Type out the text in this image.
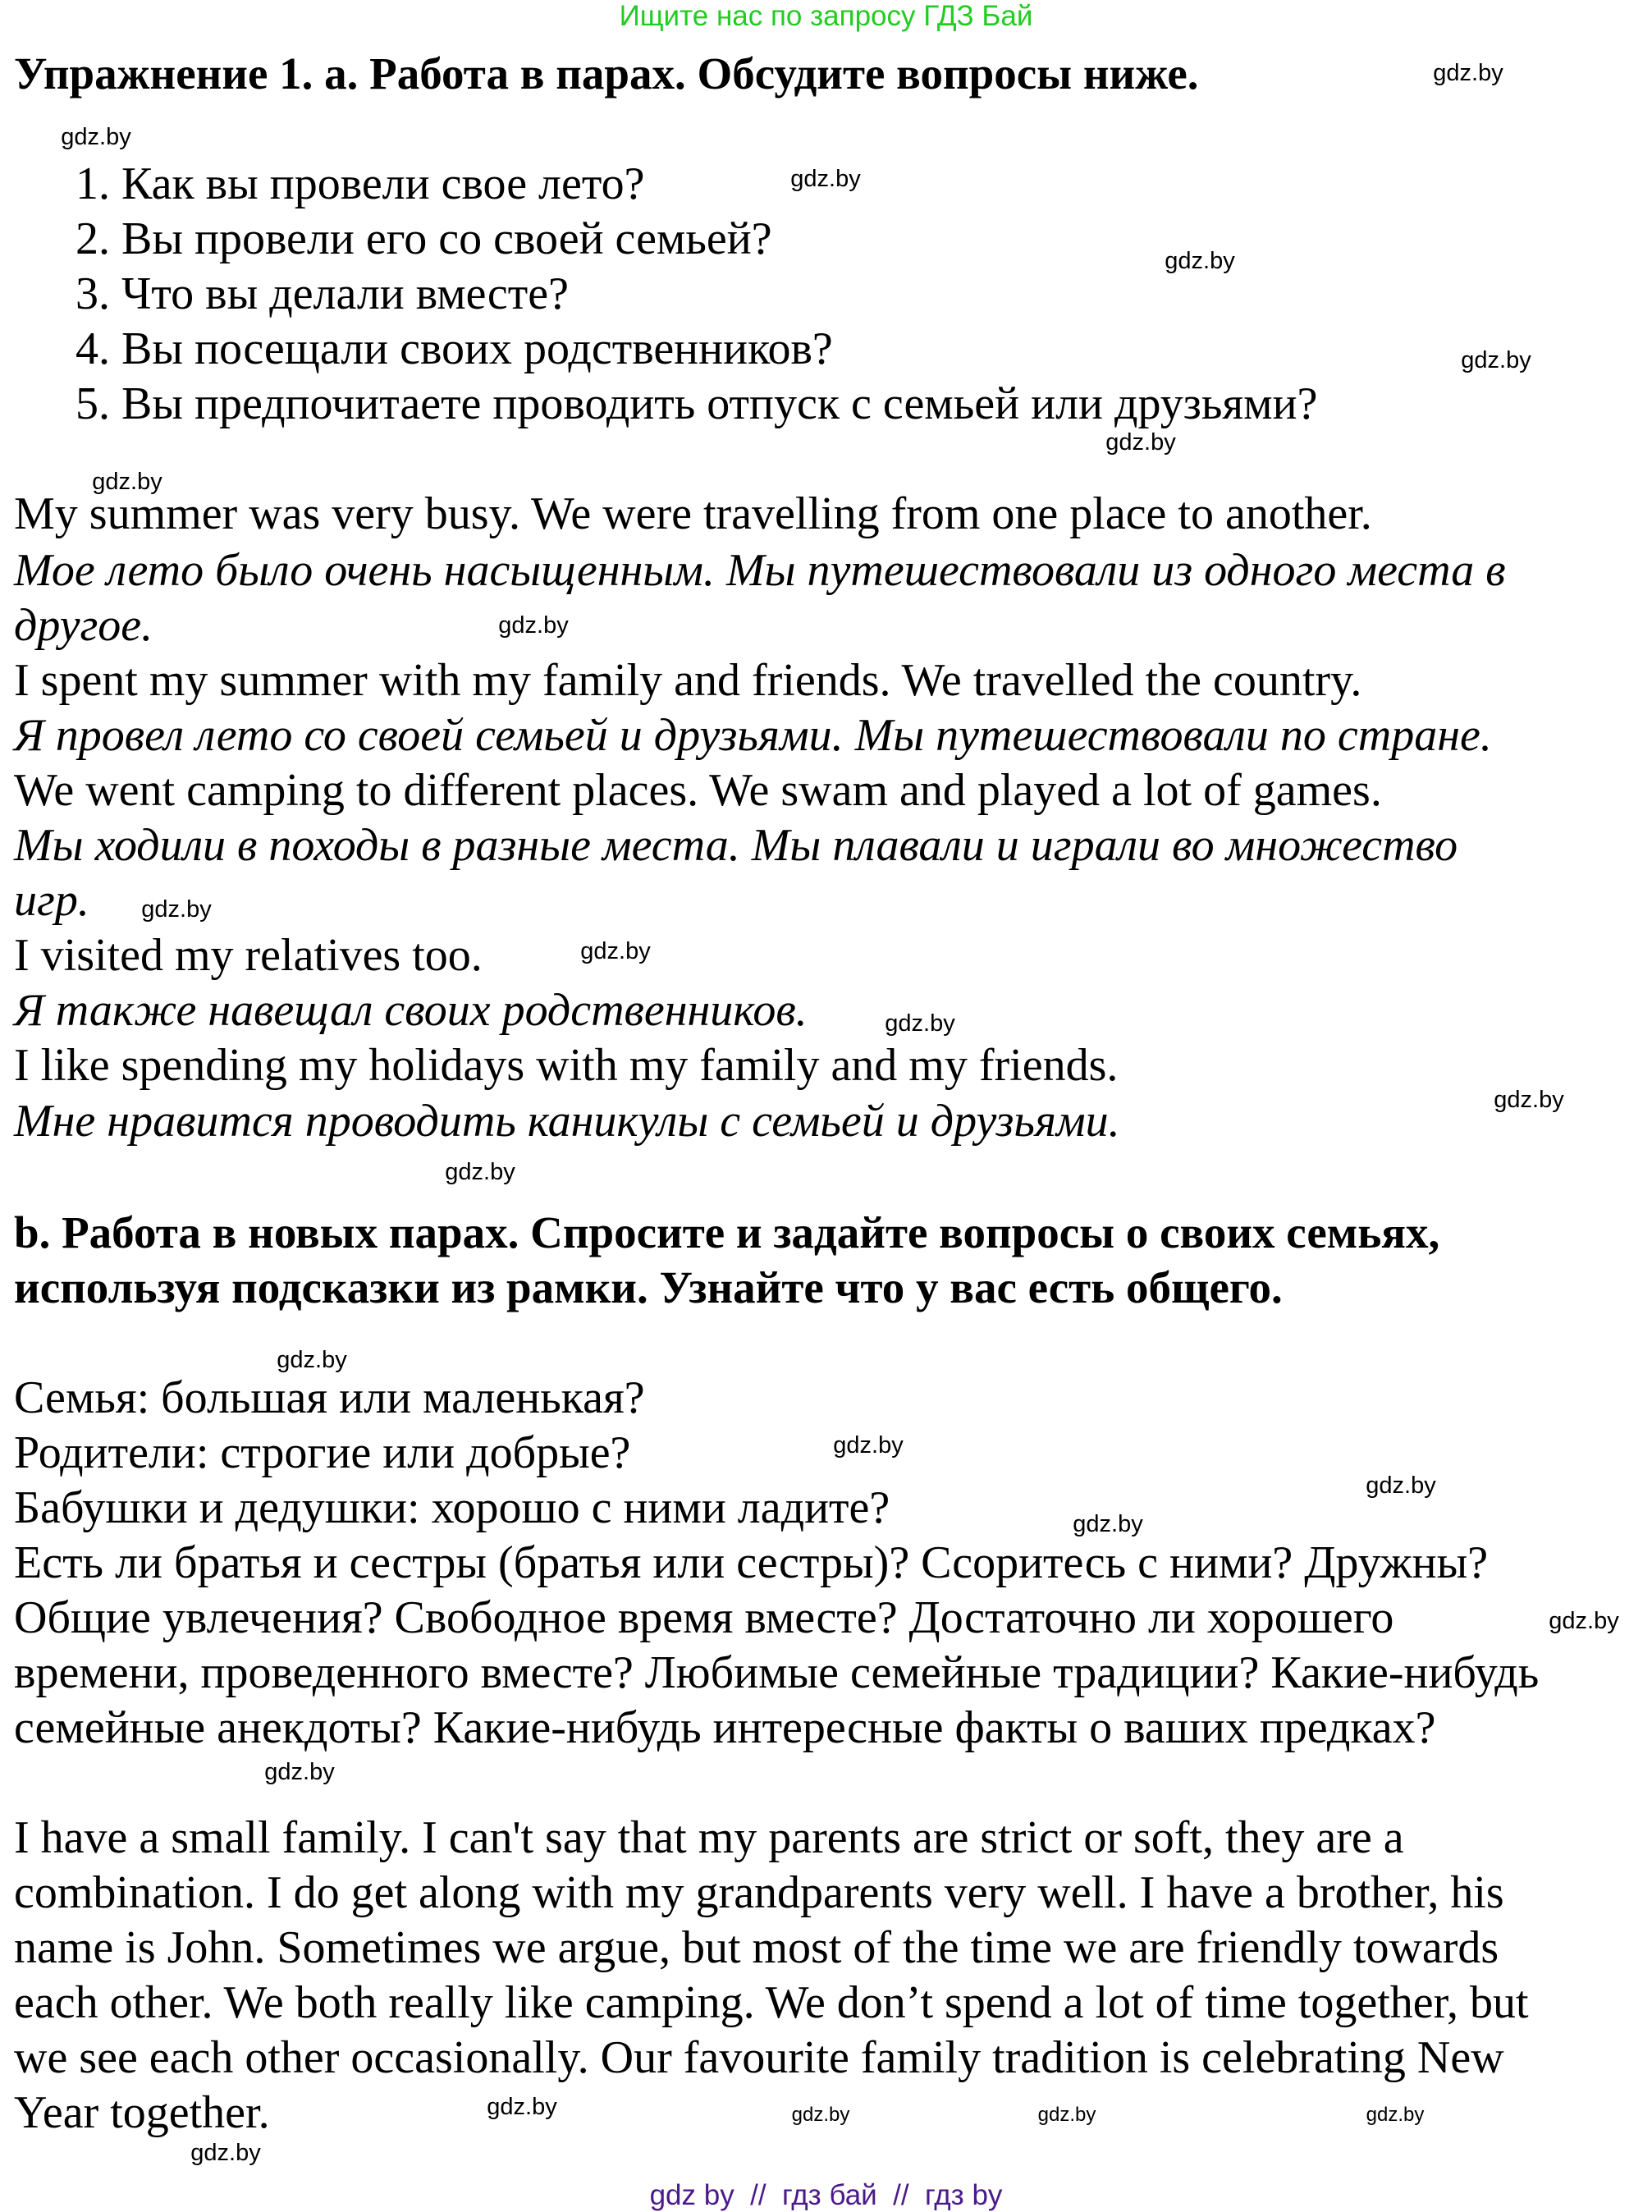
Ищите нас по запросу ГДЗ Бай
Упражнение 1. a. Работа в парах. Обсудите вопросы ниже.
1. Как вы провели свое лето?
2. Вы провели его со своей семьей?
3. Что вы делали вместе?
4. Вы посещали своих родственников?
5. Вы предпочитаете проводить отпуск с семьей или друзьями?
My summer was very busy. We were travelling from one place to another.
Мое лето было очень насыщенным. Мы путешествовали из одного места в
другое.
I spent my summer with my family and friends. We travelled the country.
Я провел лето со своей семьей и друзьями. Мы путешествовали по стране.
We went camping to different places. We swam and played a lot of games.
Мы ходили в походы в разные места. Мы плавали и играли во множество
игр.
I visited my relatives too.
Я также навещал своих родственников.
I like spending my holidays with my family and my friends.
Мне нравится проводить каникулы с семьей и друзьями.
b. Работа в новых парах. Спросите и задайте вопросы о своих семьях,
используя подсказки из рамки. Узнайте что у вас есть общего.
Семья: большая или маленькая?
Родители: строгие или добрые?
Бабушки и дедушки: хорошо с ними ладите?
Есть ли братья и сестры (братья или сестры)? Ссоритесь с ними? Дружны?
Общие увлечения? Свободное время вместе? Достаточно ли хорошего
времени, проведенного вместе? Любимые семейные традиции? Какие-нибудь
семейные анекдоты? Какие-нибудь интересные факты о ваших предках?
I have a small family. I can't say that my parents are strict or soft, they are a
combination. I do get along with my grandparents very well. I have a brother, his
name is John. Sometimes we argue, but most of the time we are friendly towards
each other. We both really like camping. We don’t spend a lot of time together, but
we see each other occasionally. Our favourite family tradition is celebrating New
Year together.
gdz.by
gdz.by
gdz.by
gdz.by
gdz.by
gdz.by
gdz.by
gdz.by
gdz.by
gdz.by
gdz.by
gdz.by
gdz.by
gdz.by
gdz.by
gdz.by
gdz.by
gdz.by
gdz.by
gdz.by	gdz.by	gdz.by
gdz.by
gdz.by
gdz by  //  гдз бай  //  гдз by
